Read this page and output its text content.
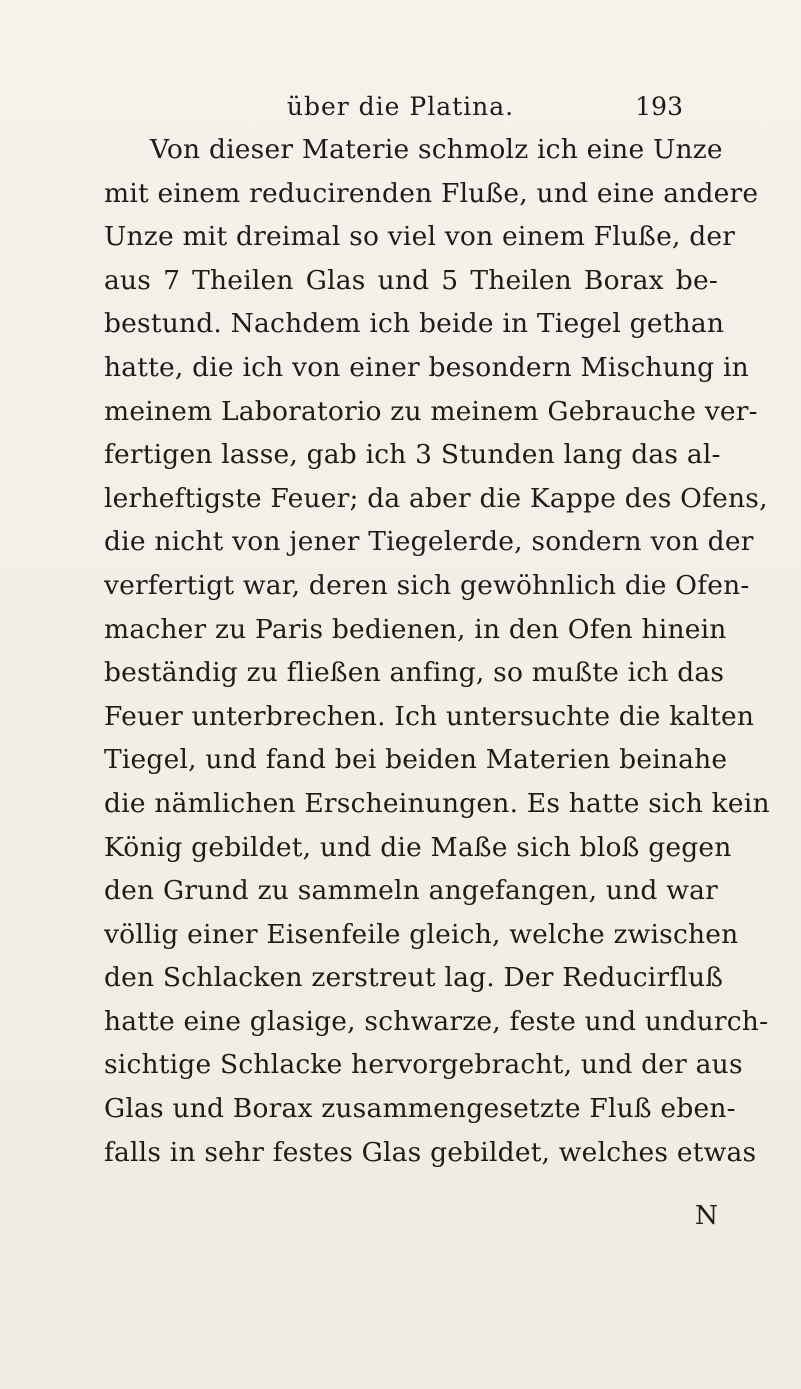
über die Platina.	193
Von dieser Materie schmolz ich eine Unze
mit einem reducirenden Fluße, und eine andere
Unze mit dreimal so viel von einem Fluße, der
aus 7 Theilen Glas und 5 Theilen Borax be-
bestund. Nachdem ich beide in Tiegel gethan
hatte, die ich von einer besondern Mischung in
meinem Laboratorio zu meinem Gebrauche ver-
fertigen lasse, gab ich 3 Stunden lang das al-
lerheftigste Feuer; da aber die Kappe des Ofens,
die nicht von jener Tiegelerde, sondern von der
verfertigt war, deren sich gewöhnlich die Ofen-
macher zu Paris bedienen, in den Ofen hinein
beständig zu fließen anfing, so mußte ich das
Feuer unterbrechen. Ich untersuchte die kalten
Tiegel, und fand bei beiden Materien beinahe
die nämlichen Erscheinungen. Es hatte sich kein
König gebildet, und die Maße sich bloß gegen
den Grund zu sammeln angefangen, und war
völlig einer Eisenfeile gleich, welche zwischen
den Schlacken zerstreut lag. Der Reducirfluß
hatte eine glasige, schwarze, feste und undurch-
sichtige Schlacke hervorgebracht, und der aus
Glas und Borax zusammengesetzte Fluß eben-
falls in sehr festes Glas gebildet, welches etwas
N
